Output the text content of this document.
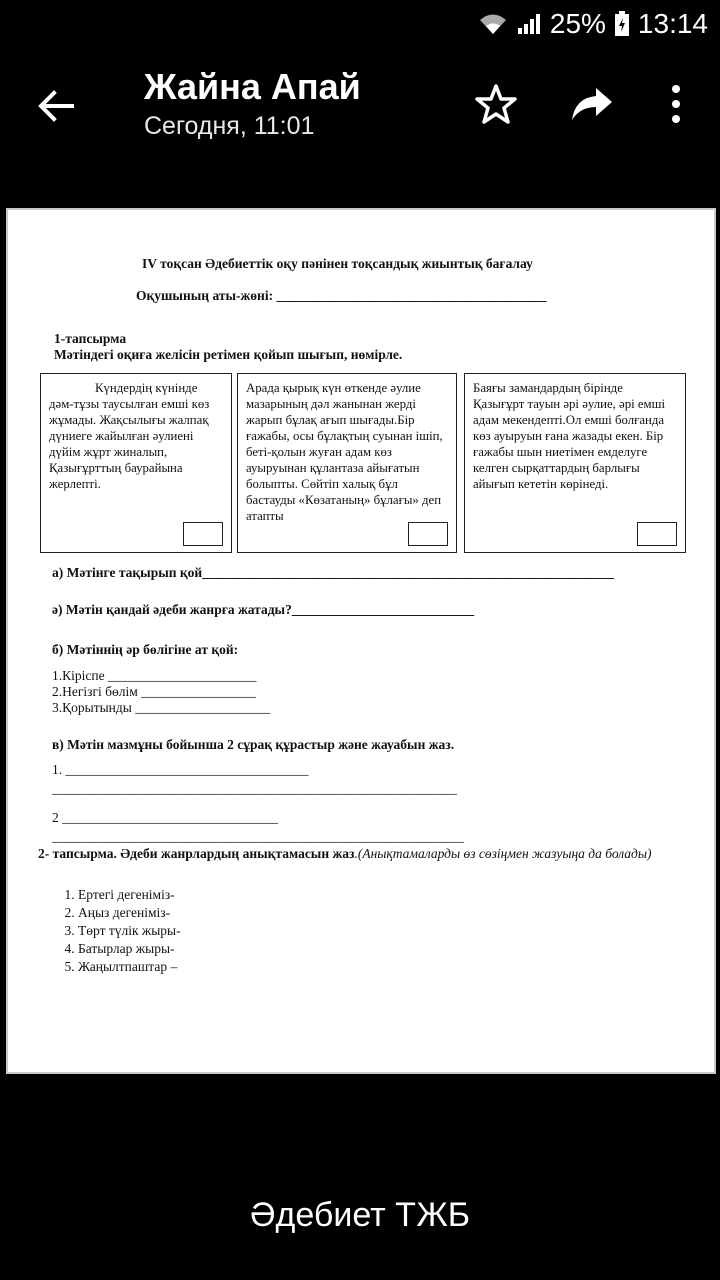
25% 13:14
Жайна Апай
Сегодня, 11:01
IV тоқсан Әдебиеттік оқу пәнінен тоқсандық жиынтық бағалау
Оқушының аты-жөні: ________________________________________
1-тапсырма
Мәтіндегі оқиға желісін ретімен қойып шығып, нөмірле.
Күндердің күнінде дәм-тұзы таусылған емші көз жұмады. Жақсылығы жалпақ дүниеге жайылған әулиені дүйім жұрт жиналып, Қазығұрттың баурайына жерлепті.
Арада қырық күн өткенде әулие мазарының дәл жанынан жерді жарып бұлақ ағып шығады.Бір ғажабы, осы бұлақтың суынан ішіп, беті-қолын жуған адам көз ауыруынан құлантаза айығатын болыпты. Сөйтіп халық бұл бастауды «Көзатаның» бұлағы» деп атапты
Баяғы замандардың бірінде Қазығұрт тауын әрі әулие, әрі емші адам мекендепті.Ол емші болғанда көз ауыруын ғана жазады екен. Бір ғажабы шын ниетімен емделуге келген сырқаттардың барлығы айығып кететін көрінеді.
а) Мәтінге тақырып қой_____________________________________________________________
ә) Мәтін қандай әдеби жанрға жатады?___________________________
б) Мәтіннің әр бөлігіне ат қой:
1.Кіріспе ______________________
2.Негізгі бөлім _________________
3.Қорытынды ____________________
в) Мәтін мазмұны бойынша 2 сұрақ құрастыр және жауабын жаз.
1. ____________________________________
____________________________________________________________
2 ________________________________
_____________________________________________________________
2- тапсырма. Әдеби жанрлардың анықтамасын жаз.(Анықтамаларды өз сөзіңмен жазуыңа да болады)
1. Ертегі дегеніміз-
2. Аңыз дегеніміз-
3. Төрт түлік жыры-
4. Батырлар жыры-
5. Жаңылтпаштар –
Әдебиет ТЖБ
